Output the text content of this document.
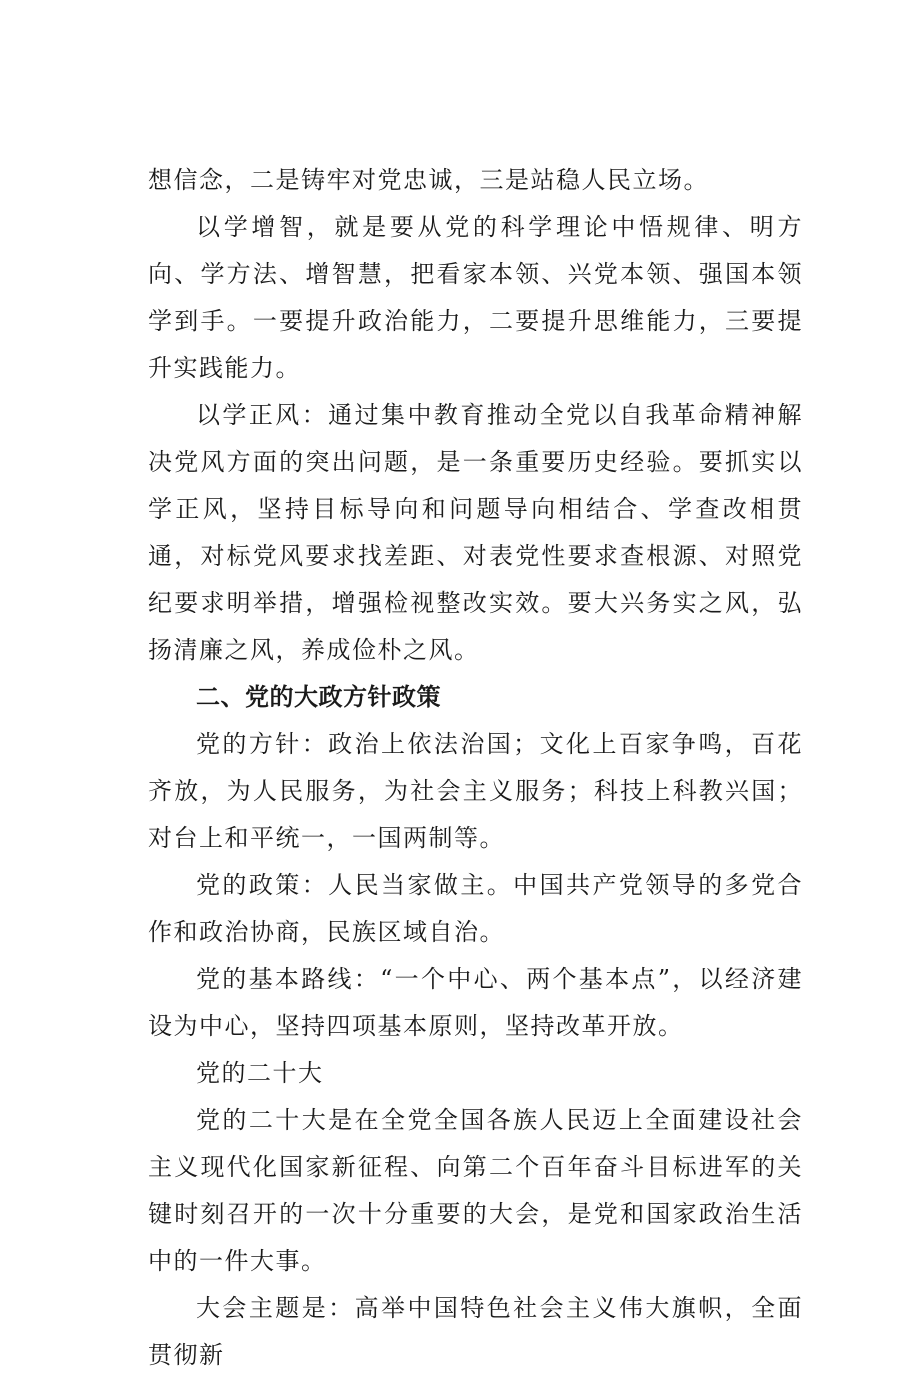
想信念，二是铸牢对党忠诚，三是站稳人民立场。

以学增智，就是要从党的科学理论中悟规律、明方向、学方法、增智慧，把看家本领、兴党本领、强国本领学到手。一要提升政治能力，二要提升思维能力，三要提升实践能力。

以学正风：通过集中教育推动全党以自我革命精神解决党风方面的突出问题，是一条重要历史经验。要抓实以学正风，坚持目标导向和问题导向相结合、学查改相贯通，对标党风要求找差距、对表党性要求查根源、对照党纪要求明举措，增强检视整改实效。要大兴务实之风，弘扬清廉之风，养成俭朴之风。

二、党的大政方针政策

党的方针：政治上依法治国；文化上百家争鸣，百花齐放，为人民服务，为社会主义服务；科技上科教兴国；对台上和平统一，一国两制等。

党的政策：人民当家做主。中国共产党领导的多党合作和政治协商，民族区域自治。

党的基本路线：“一个中心、两个基本点”，以经济建设为中心，坚持四项基本原则，坚持改革开放。

党的二十大

党的二十大是在全党全国各族人民迈上全面建设社会主义现代化国家新征程、向第二个百年奋斗目标进军的关键时刻召开的一次十分重要的大会，是党和国家政治生活中的一件大事。

大会主题是：高举中国特色社会主义伟大旗帜，全面贯彻新
